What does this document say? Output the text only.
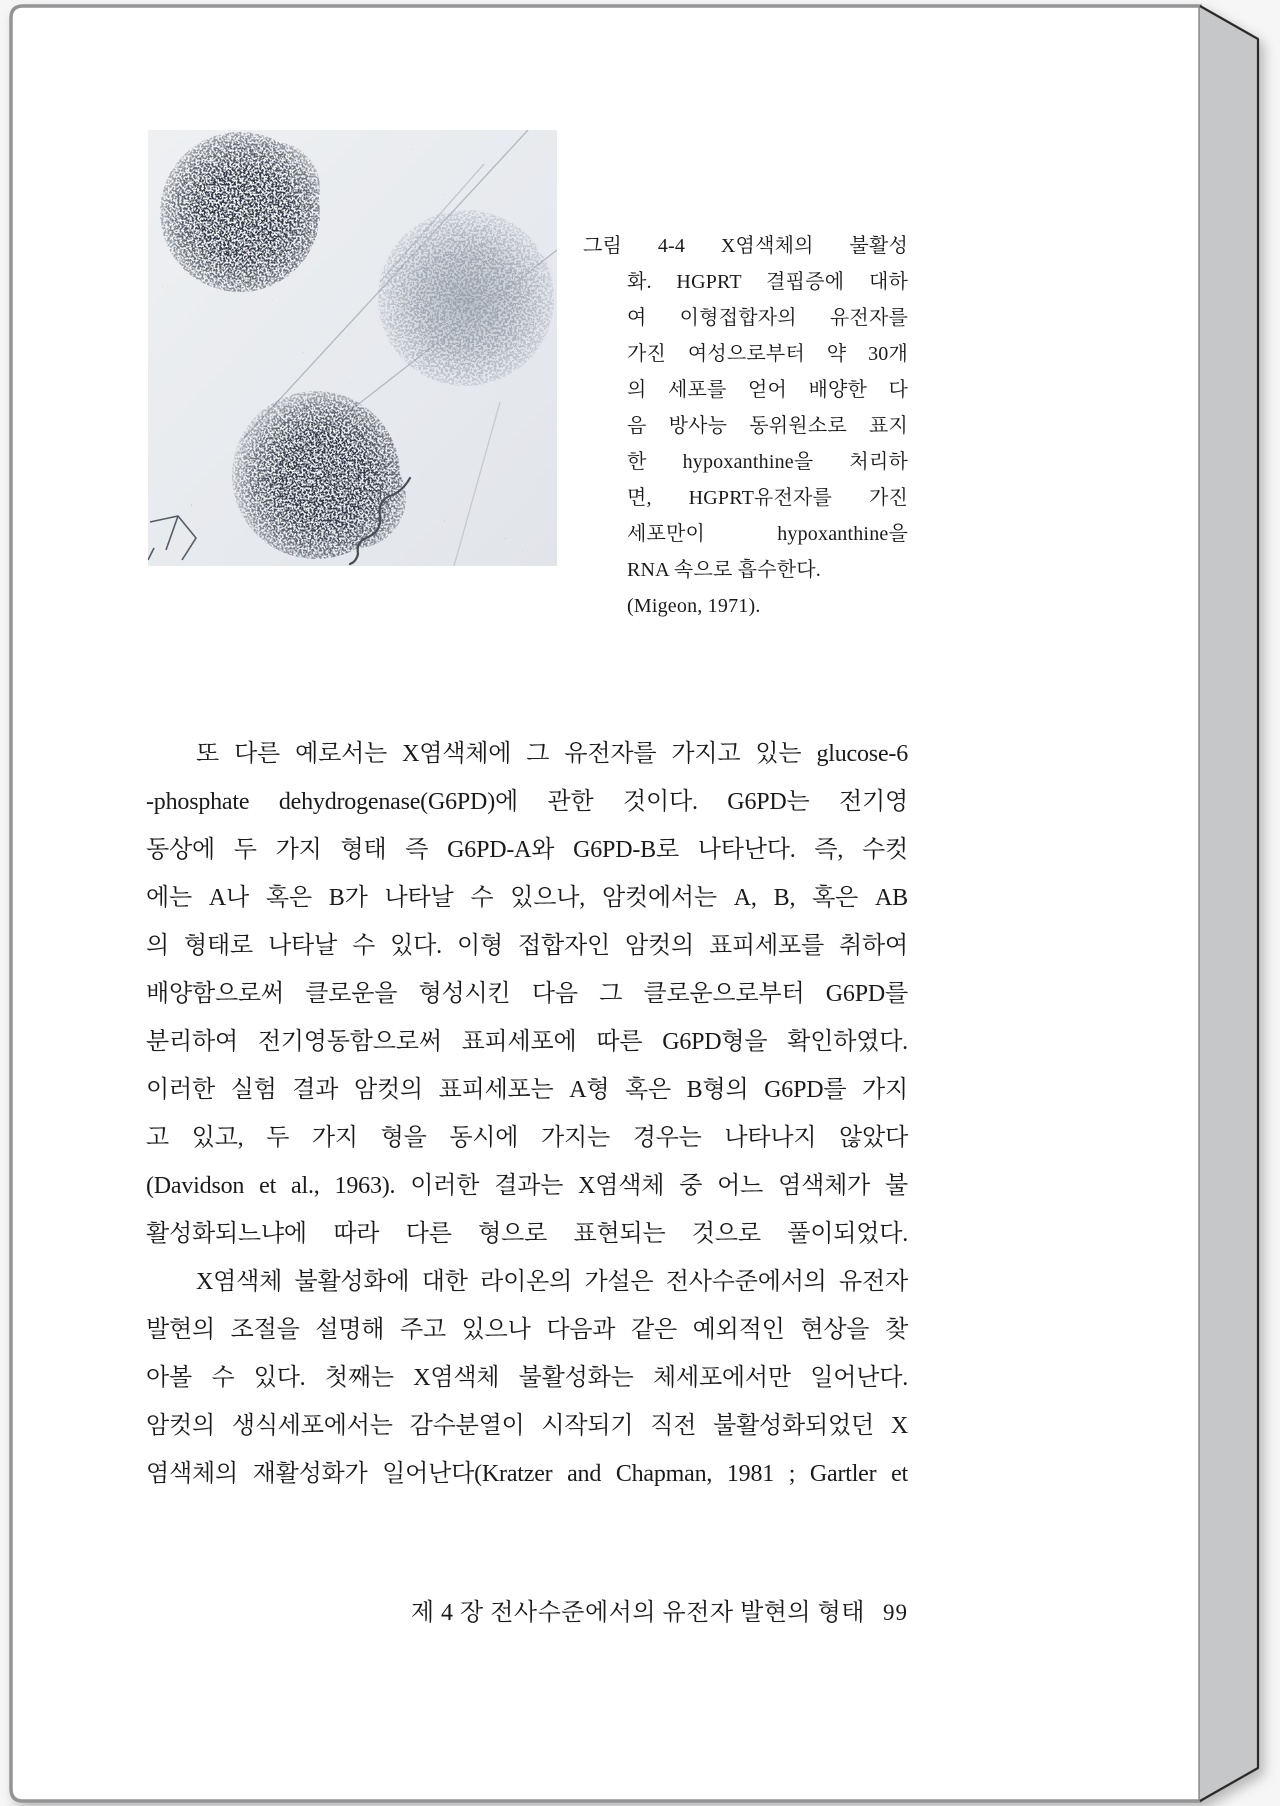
그림 4-4 X염색체의 불활성
화. HGPRT 결핍증에 대하
여 이형접합자의 유전자를
가진 여성으로부터 약 30개
의 세포를 얻어 배양한 다
음 방사능 동위원소로 표지
한 hypoxanthine을 처리하
면, HGPRT유전자를 가진
세포만이 hypoxanthine을
RNA 속으로 흡수한다.
(Migeon, 1971).
또 다른 예로서는 X염색체에 그 유전자를 가지고 있는 glucose-6
-phosphate dehydrogenase(G6PD)에 관한 것이다. G6PD는 전기영
동상에 두 가지 형태 즉 G6PD-A와 G6PD-B로 나타난다. 즉, 수컷
에는 A나 혹은 B가 나타날 수 있으나, 암컷에서는 A, B, 혹은 AB
의 형태로 나타날 수 있다. 이형 접합자인 암컷의 표피세포를 취하여
배양함으로써 클로운을 형성시킨 다음 그 클로운으로부터 G6PD를
분리하여 전기영동함으로써 표피세포에 따른 G6PD형을 확인하였다.
이러한 실험 결과 암컷의 표피세포는 A형 혹은 B형의 G6PD를 가지
고 있고, 두 가지 형을 동시에 가지는 경우는 나타나지 않았다
(Davidson et al., 1963). 이러한 결과는 X염색체 중 어느 염색체가 불
활성화되느냐에 따라 다른 형으로 표현되는 것으로 풀이되었다.
X염색체 불활성화에 대한 라이온의 가설은 전사수준에서의 유전자
발현의 조절을 설명해 주고 있으나 다음과 같은 예외적인 현상을 찾
아볼 수 있다. 첫째는 X염색체 불활성화는 체세포에서만 일어난다.
암컷의 생식세포에서는 감수분열이 시작되기 직전 불활성화되었던 X
염색체의 재활성화가 일어난다(Kratzer and Chapman, 1981 ; Gartler et
제 4 장 전사수준에서의 유전자 발현의 형태 99
